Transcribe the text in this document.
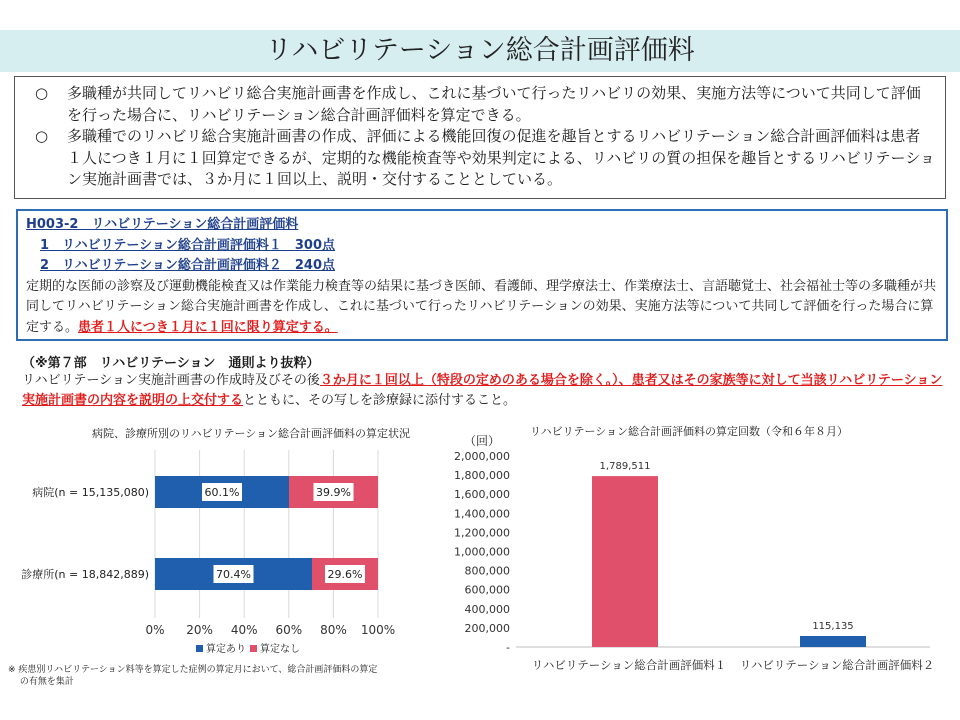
リハビリテーション総合計画評価料
○ 多職種が共同してリハビリ総合実施計画書を作成し、これに基づいて行ったリハビリの効果、実施方法等について共同して評価を行った場合に、リハビリテーション総合計画評価料を算定できる。
○ 多職種でのリハビリ総合実施計画書の作成、評価による機能回復の促進を趣旨とするリハビリテーション総合計画評価料は患者１人につき１月に１回算定できるが、定期的な機能検査等や効果判定による、リハビリの質の担保を趣旨とするリハビリテーション実施計画書では、３か月に１回以上、説明・交付することとしている。
H003-2　リハビリテーション総合計画評価料
1　リハビリテーション総合計画評価料１　300点
2　リハビリテーション総合計画評価料２　240点
定期的な医師の診察及び運動機能検査又は作業能力検査等の結果に基づき医師、看護師、理学療法士、作業療法士、言語聴覚士、社会福祉士等の多職種が共同してリハビリテーション総合実施計画書を作成し、これに基づいて行ったリハビリテーションの効果、実施方法等について共同して評価を行った場合に算定する。患者１人につき１月に１回に限り算定する。
（※第７部　リハビリテーション　通則より抜粋）
リハビリテーション実施計画書の作成時及びその後３か月に１回以上（特段の定めのある場合を除く。）、患者又はその家族等に対して当該リハビリテーション実施計画書の内容を説明の上交付するとともに、その写しを診療録に添付すること。
病院、診療所別のリハビリテーション総合計画評価料の算定状況	リハビリテーション総合計画評価料の算定回数（令和６年８月）
（回）
0% 20% 40% 60% 80% 100%
病院(n = 15,135,080)	60.1%	39.9%
診療所(n = 18,842,889)	70.4%	29.6%
算定あり 算定なし	-
200,000
400,000
600,000
800,000
1,000,000
1,200,000
1,400,000
1,600,000
1,800,000
2,000,000
1,789,511
リハビリテーション総合計画評価料１
115,135
リハビリテーション総合計画評価料２
※ 疾患別リハビリテーション料等を算定した症例の算定月において、総合計画評価料の算定
　 の有無を集計
